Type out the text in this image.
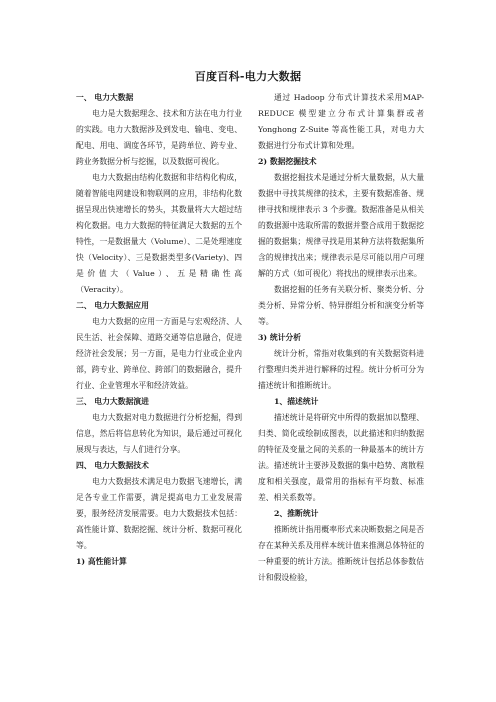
百度百科-电力大数据

一、 电力大数据

电力是大数据理念、技术和方法在电力行业的实践。电力大数据涉及到发电、输电、变电、配电、用电、调度各环节，是跨单位、跨专业、跨业务数据分析与挖掘，以及数据可视化。

电力大数据由结构化数据和非结构化构成，随着智能电网建设和物联网的应用，非结构化数据呈现出快速增长的势头，其数量将大大超过结构化数据。电力大数据的特征满足大数据的五个特性，一是数据量大（Volume）、二是处理速度快（Velocity）、三是数据类型多(Variety)、四是价值大（Value）、五是精确性高（Veracity）。

二、 电力大数据应用

电力大数据的应用一方面是与宏观经济、人民生活、社会保障、道路交通等信息融合，促进经济社会发展；另一方面，是电力行业或企业内部，跨专业、跨单位、跨部门的数据融合，提升行业、企业管理水平和经济效益。

三、 电力大数据演进

电力大数据对电力数据进行分析挖掘，得到信息，然后将信息转化为知识，最后通过可视化展现与表达，与人们进行分享。

四、 电力大数据技术

电力大数据技术满足电力数据飞速增长，满足各专业工作需要，满足提高电力工业发展需要，服务经济发展需要。电力大数据技术包括：高性能计算、数据挖掘、统计分析、数据可视化等。

1) 高性能计算

通过 Hadoop 分布式计算技术采用MAP-REDUCE 模型建立分布式计算集群或者 Yonghong Z-Suite 等高性能工具，对电力大数据进行分布式计算和处理。

2) 数据挖掘技术

数据挖掘技术是通过分析大量数据，从大量数据中寻找其规律的技术，主要有数据准备、规律寻找和规律表示 3 个步骤。数据准备是从相关的数据源中选取所需的数据并整合成用于数据挖掘的数据集；规律寻找是用某种方法将数据集所含的规律找出来；规律表示是尽可能以用户可理解的方式（如可视化）将找出的规律表示出来。

数据挖掘的任务有关联分析、聚类分析、分类分析、异常分析、特异群组分析和演变分析等等。

3) 统计分析

统计分析，常指对收集到的有关数据资料进行整理归类并进行解释的过程。统计分析可分为描述统计和推断统计。

1、描述统计

描述统计是将研究中所得的数据加以整理、归类、简化或绘制成图表，以此描述和归纳数据的特征及变量之间的关系的一种最基本的统计方法。描述统计主要涉及数据的集中趋势、离散程度和相关强度，最常用的指标有平均数、标准差、相关系数等。

2、推断统计

推断统计指用概率形式来决断数据之间是否存在某种关系及用样本统计值来推测总体特征的一种重要的统计方法。推断统计包括总体参数估计和假设检验，
